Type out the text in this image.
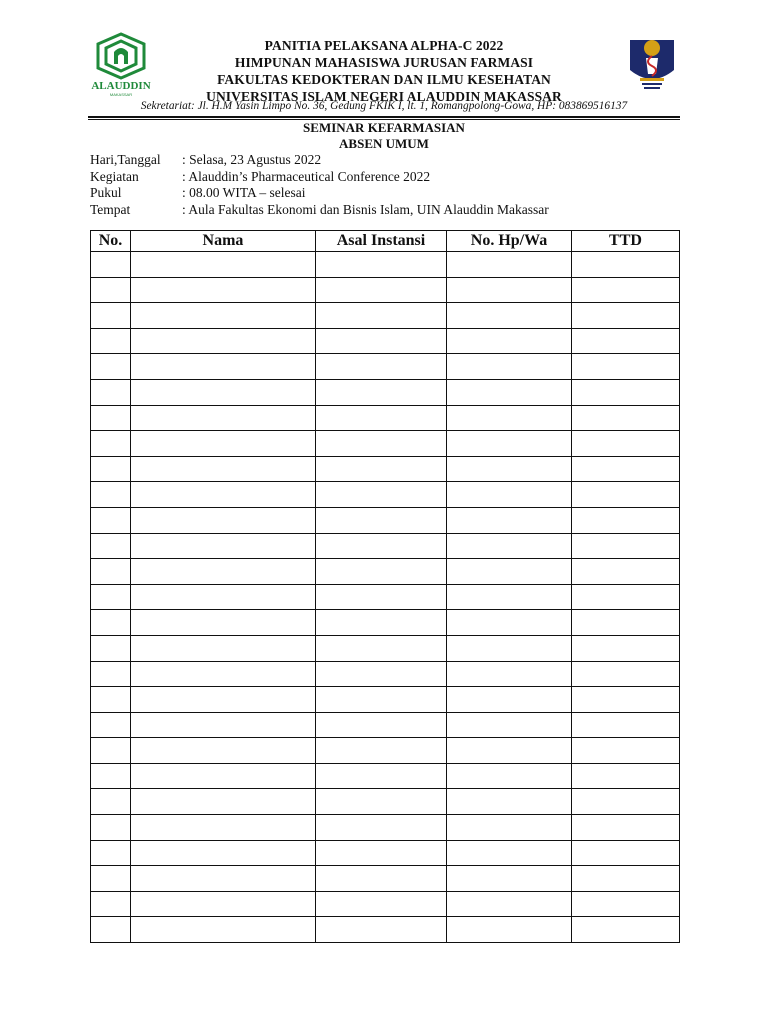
ALAUDDIN
MAKASSAR
PANITIA PELAKSANA ALPHA-C 2022
HIMPUNAN MAHASISWA JURUSAN FARMASI
FAKULTAS KEDOKTERAN DAN ILMU KESEHATAN
UNIVERSITAS ISLAM NEGERI ALAUDDIN MAKASSAR
Sekretariat: Jl. H.M Yasin Limpo No. 36, Gedung FKIK I, lt. 1, Romangpolong-Gowa, HP: 083869516137
SEMINAR KEFARMASIAN
ABSEN UMUM
Hari,Tanggal	: Selasa, 23 Agustus 2022
Kegiatan	: Alauddin’s Pharmaceutical Conference 2022
Pukul	: 08.00 WITA – selesai
Tempat	: Aula Fakultas Ekonomi dan Bisnis Islam, UIN Alauddin Makassar
No.	Nama	Asal Instansi	No. Hp/Wa	TTD
